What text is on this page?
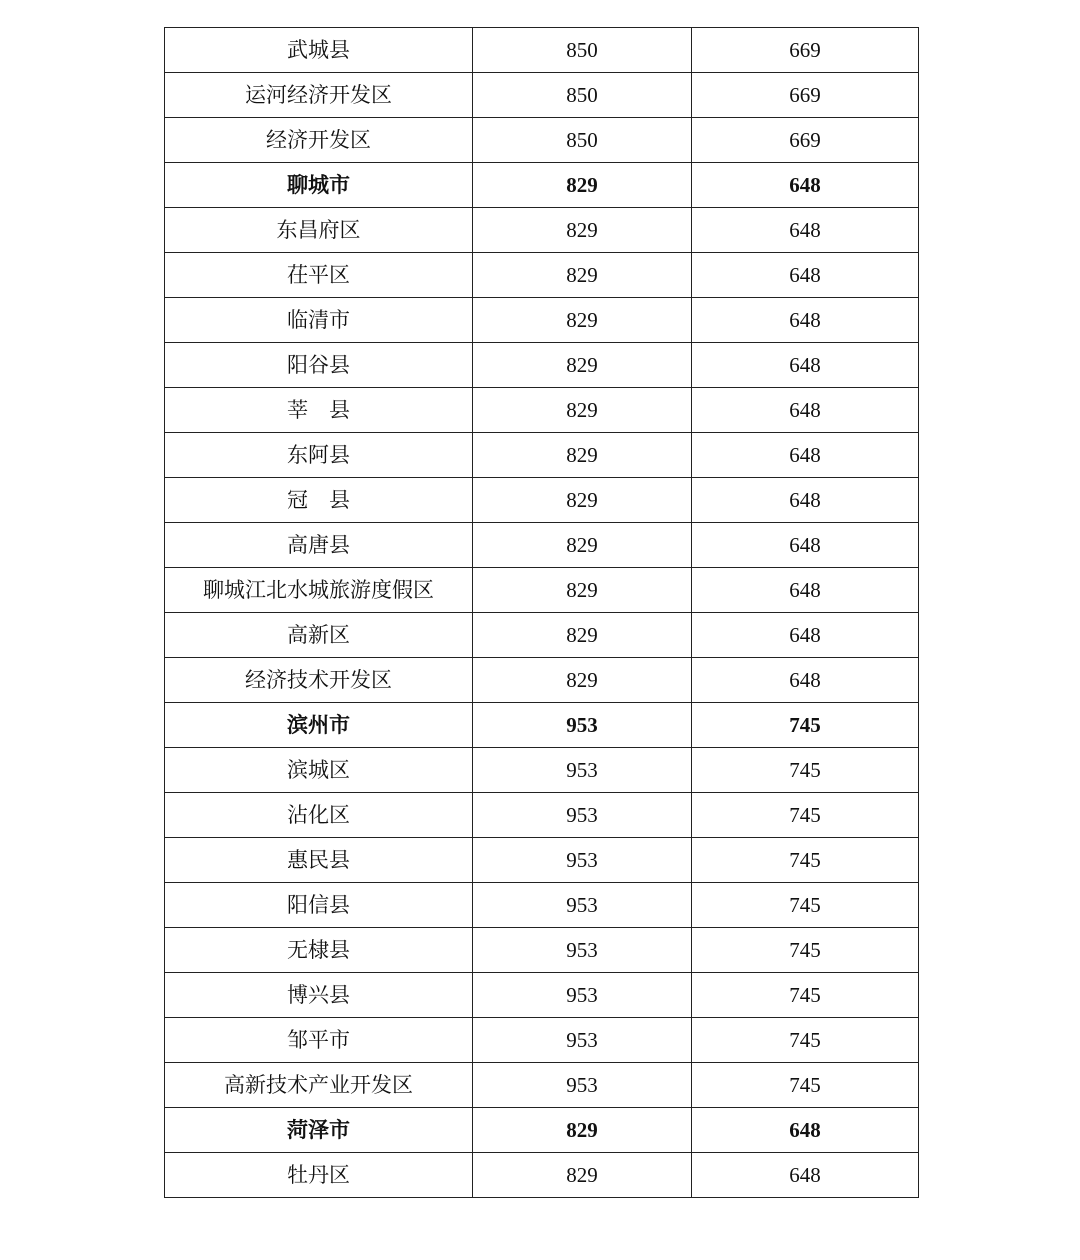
武城县	850	669
运河经济开发区	850	669
经济开发区	850	669
聊城市	829	648
东昌府区	829	648
茌平区	829	648
临清市	829	648
阳谷县	829	648
莘　县	829	648
东阿县	829	648
冠　县	829	648
高唐县	829	648
聊城江北水城旅游度假区	829	648
高新区	829	648
经济技术开发区	829	648
滨州市	953	745
滨城区	953	745
沾化区	953	745
惠民县	953	745
阳信县	953	745
无棣县	953	745
博兴县	953	745
邹平市	953	745
高新技术产业开发区	953	745
菏泽市	829	648
牡丹区	829	648
